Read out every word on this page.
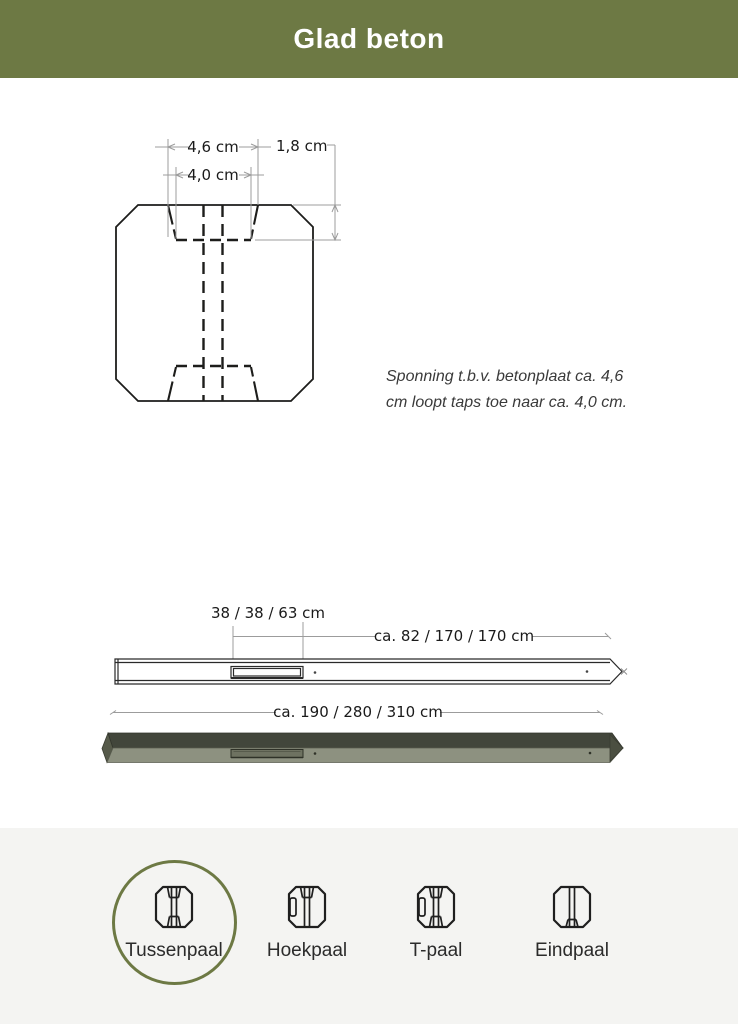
Glad beton
4,6 cm
4,0 cm
1,8 cm
Sponning t.b.v. betonplaat ca. 4,6
cm loopt taps toe naar ca. 4,0 cm.
38 / 38 / 63 cm
ca. 82 / 170 / 170 cm
ca. 190 / 280 / 310 cm
Tussenpaal	Hoekpaal	T-paal	Eindpaal
